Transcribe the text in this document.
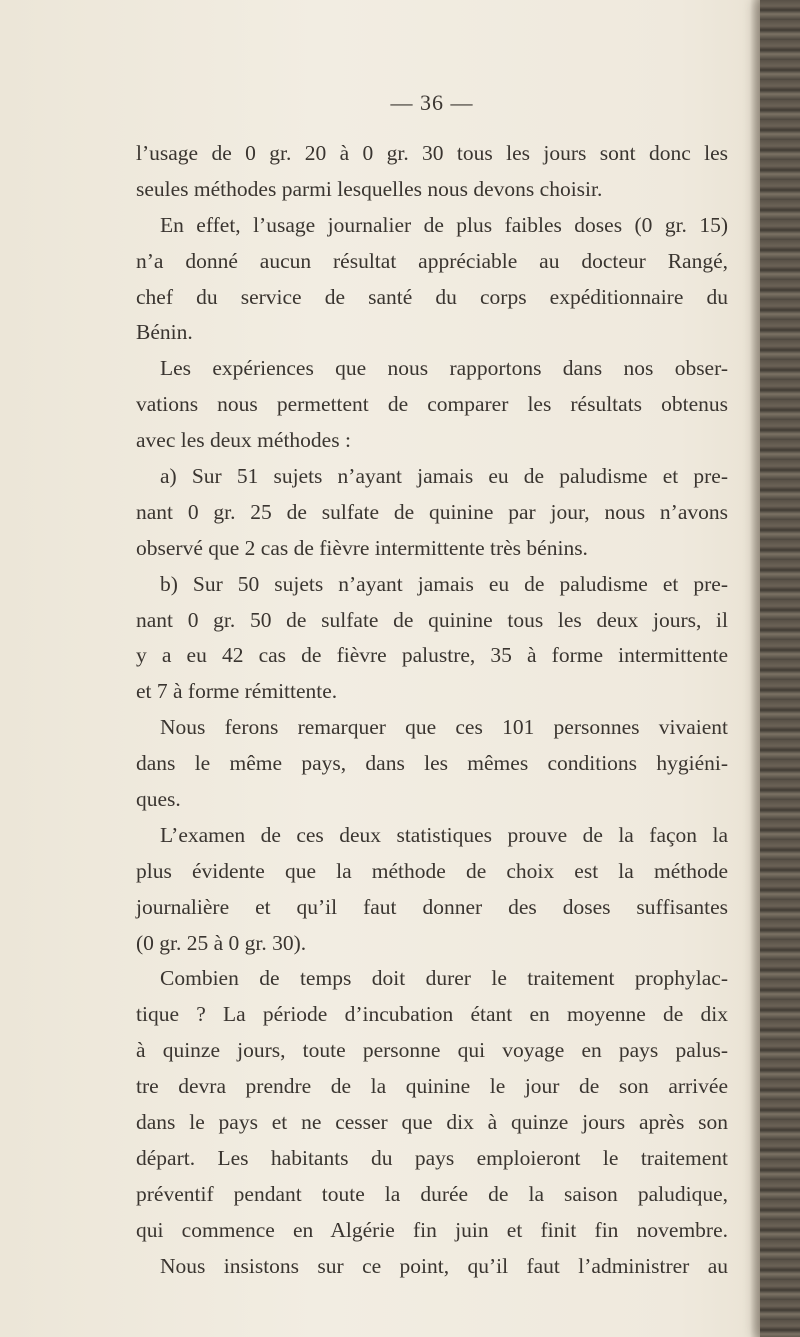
— 36 —
l’usage de 0 gr. 20 à 0 gr. 30 tous les jours sont donc les
seules méthodes parmi lesquelles nous devons choisir.
En effet, l’usage journalier de plus faibles doses (0 gr. 15)
n’a donné aucun résultat appréciable au docteur Rangé,
chef du service de santé du corps expéditionnaire du
Bénin.
Les expériences que nous rapportons dans nos obser-
vations nous permettent de comparer les résultats obtenus
avec les deux méthodes :
a) Sur 51 sujets n’ayant jamais eu de paludisme et pre-
nant 0 gr. 25 de sulfate de quinine par jour, nous n’avons
observé que 2 cas de fièvre intermittente très bénins.
b) Sur 50 sujets n’ayant jamais eu de paludisme et pre-
nant 0 gr. 50 de sulfate de quinine tous les deux jours, il
y a eu 42 cas de fièvre palustre, 35 à forme intermittente
et 7 à forme rémittente.
Nous ferons remarquer que ces 101 personnes vivaient
dans le même pays, dans les mêmes conditions hygiéni-
ques.
L’examen de ces deux statistiques prouve de la façon la
plus évidente que la méthode de choix est la méthode
journalière et qu’il faut donner des doses suffisantes
(0 gr. 25 à 0 gr. 30).
Combien de temps doit durer le traitement prophylac-
tique ? La période d’incubation étant en moyenne de dix
à quinze jours, toute personne qui voyage en pays palus-
tre devra prendre de la quinine le jour de son arrivée
dans le pays et ne cesser que dix à quinze jours après son
départ. Les habitants du pays emploieront le traitement
préventif pendant toute la durée de la saison paludique,
qui commence en Algérie fin juin et finit fin novembre.
Nous insistons sur ce point, qu’il faut l’administrer au
